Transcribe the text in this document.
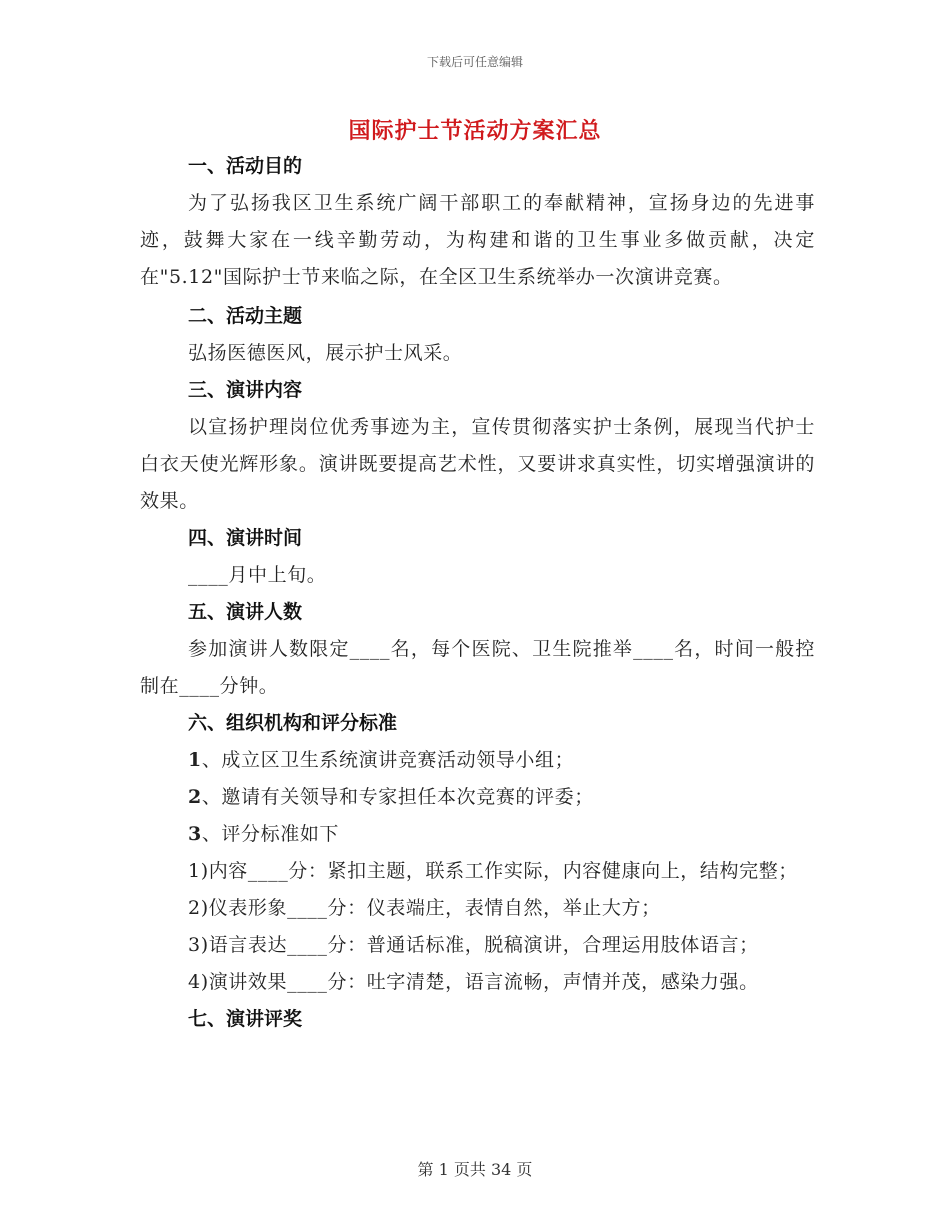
下载后可任意编辑
国际护士节活动方案汇总

一、活动目的

为了弘扬我区卫生系统广阔干部职工的奉献精神，宣扬身边的先进事迹，鼓舞大家在一线辛勤劳动，为构建和谐的卫生事业多做贡献，决定在"5.12"国际护士节来临之际，在全区卫生系统举办一次演讲竞赛。

二、活动主题

弘扬医德医风，展示护士风采。

三、演讲内容

以宣扬护理岗位优秀事迹为主，宣传贯彻落实护士条例，展现当代护士白衣天使光辉形象。演讲既要提高艺术性，又要讲求真实性，切实增强演讲的效果。

四、演讲时间

____月中上旬。

五、演讲人数

参加演讲人数限定____名，每个医院、卫生院推举____名，时间一般控制在____分钟。

六、组织机构和评分标准

1、成立区卫生系统演讲竞赛活动领导小组；

2、邀请有关领导和专家担任本次竞赛的评委；

3、评分标准如下

1)内容____分：紧扣主题，联系工作实际，内容健康向上，结构完整；

2)仪表形象____分：仪表端庄，表情自然，举止大方；

3)语言表达____分：普通话标准，脱稿演讲，合理运用肢体语言；

4)演讲效果____分：吐字清楚，语言流畅，声情并茂，感染力强。

七、演讲评奖

第 1 页共 34 页
